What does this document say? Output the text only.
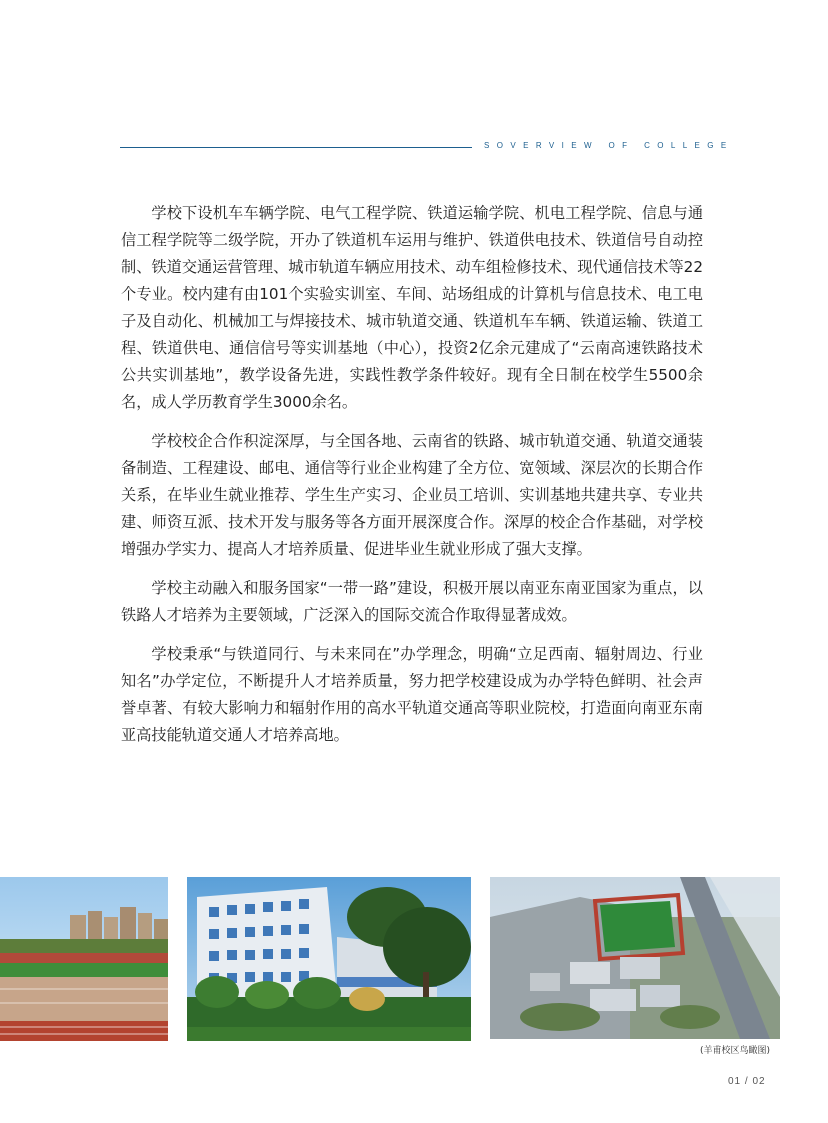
SOVERVIEW OF COLLEGE

学校下设机车车辆学院、电气工程学院、铁道运输学院、机电工程学院、信息与通信工程学院等二级学院，开办了铁道机车运用与维护、铁道供电技术、铁道信号自动控制、铁道交通运营管理、城市轨道车辆应用技术、动车组检修技术、现代通信技术等22个专业。校内建有由101个实验实训室、车间、站场组成的计算机与信息技术、电工电子及自动化、机械加工与焊接技术、城市轨道交通、铁道机车车辆、铁道运输、铁道工程、铁道供电、通信信号等实训基地（中心），投资2亿余元建成了“云南高速铁路技术公共实训基地”，教学设备先进，实践性教学条件较好。现有全日制在校学生5500余名，成人学历教育学生3000余名。

学校校企合作积淀深厚，与全国各地、云南省的铁路、城市轨道交通、轨道交通装备制造、工程建设、邮电、通信等行业企业构建了全方位、宽领域、深层次的长期合作关系，在毕业生就业推荐、学生生产实习、企业员工培训、实训基地共建共享、专业共建、师资互派、技术开发与服务等各方面开展深度合作。深厚的校企合作基础，对学校增强办学实力、提高人才培养质量、促进毕业生就业形成了强大支撑。

学校主动融入和服务国家“一带一路”建设，积极开展以南亚东南亚国家为重点，以铁路人才培养为主要领域，广泛深入的国际交流合作取得显著成效。

学校秉承“与铁道同行、与未来同在”办学理念，明确“立足西南、辐射周边、行业知名”办学定位，不断提升人才培养质量，努力把学校建设成为办学特色鲜明、社会声誉卓著、有较大影响力和辐射作用的高水平轨道交通高等职业院校，打造面向南亚东南亚高技能轨道交通人才培养高地。

(羊甫校区鸟瞰图)
01 / 02
